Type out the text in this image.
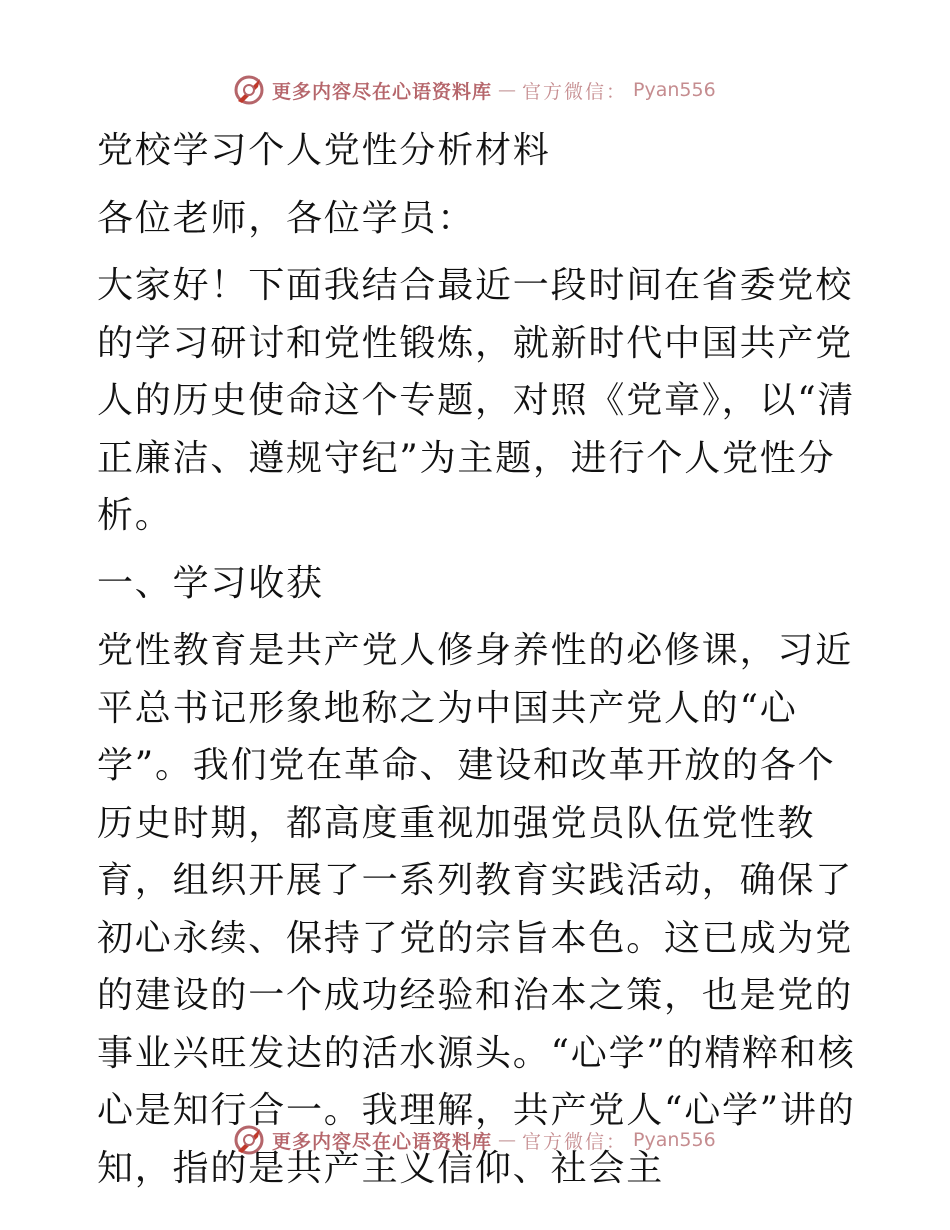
更多内容尽在心语资料库 — 官方微信： Pyan556

党校学习个人党性分析材料

各位老师，各位学员：

大家好！下面我结合最近一段时间在省委党校的学习研讨和党性锻炼，就新时代中国共产党人的历史使命这个专题，对照《党章》，以“清正廉洁、遵规守纪”为主题，进行个人党性分析。

一、学习收获

党性教育是共产党人修身养性的必修课，习近平总书记形象地称之为中国共产党人的“心学”。我们党在革命、建设和改革开放的各个历史时期，都高度重视加强党员队伍党性教育，组织开展了一系列教育实践活动，确保了初心永续、保持了党的宗旨本色。这已成为党的建设的一个成功经验和治本之策，也是党的事业兴旺发达的活水源头。“心学”的精粹和核心是知行合一。我理解，共产党人“心学”讲的知，指的是共产主义信仰、社会主

更多内容尽在心语资料库 — 官方微信： Pyan556
